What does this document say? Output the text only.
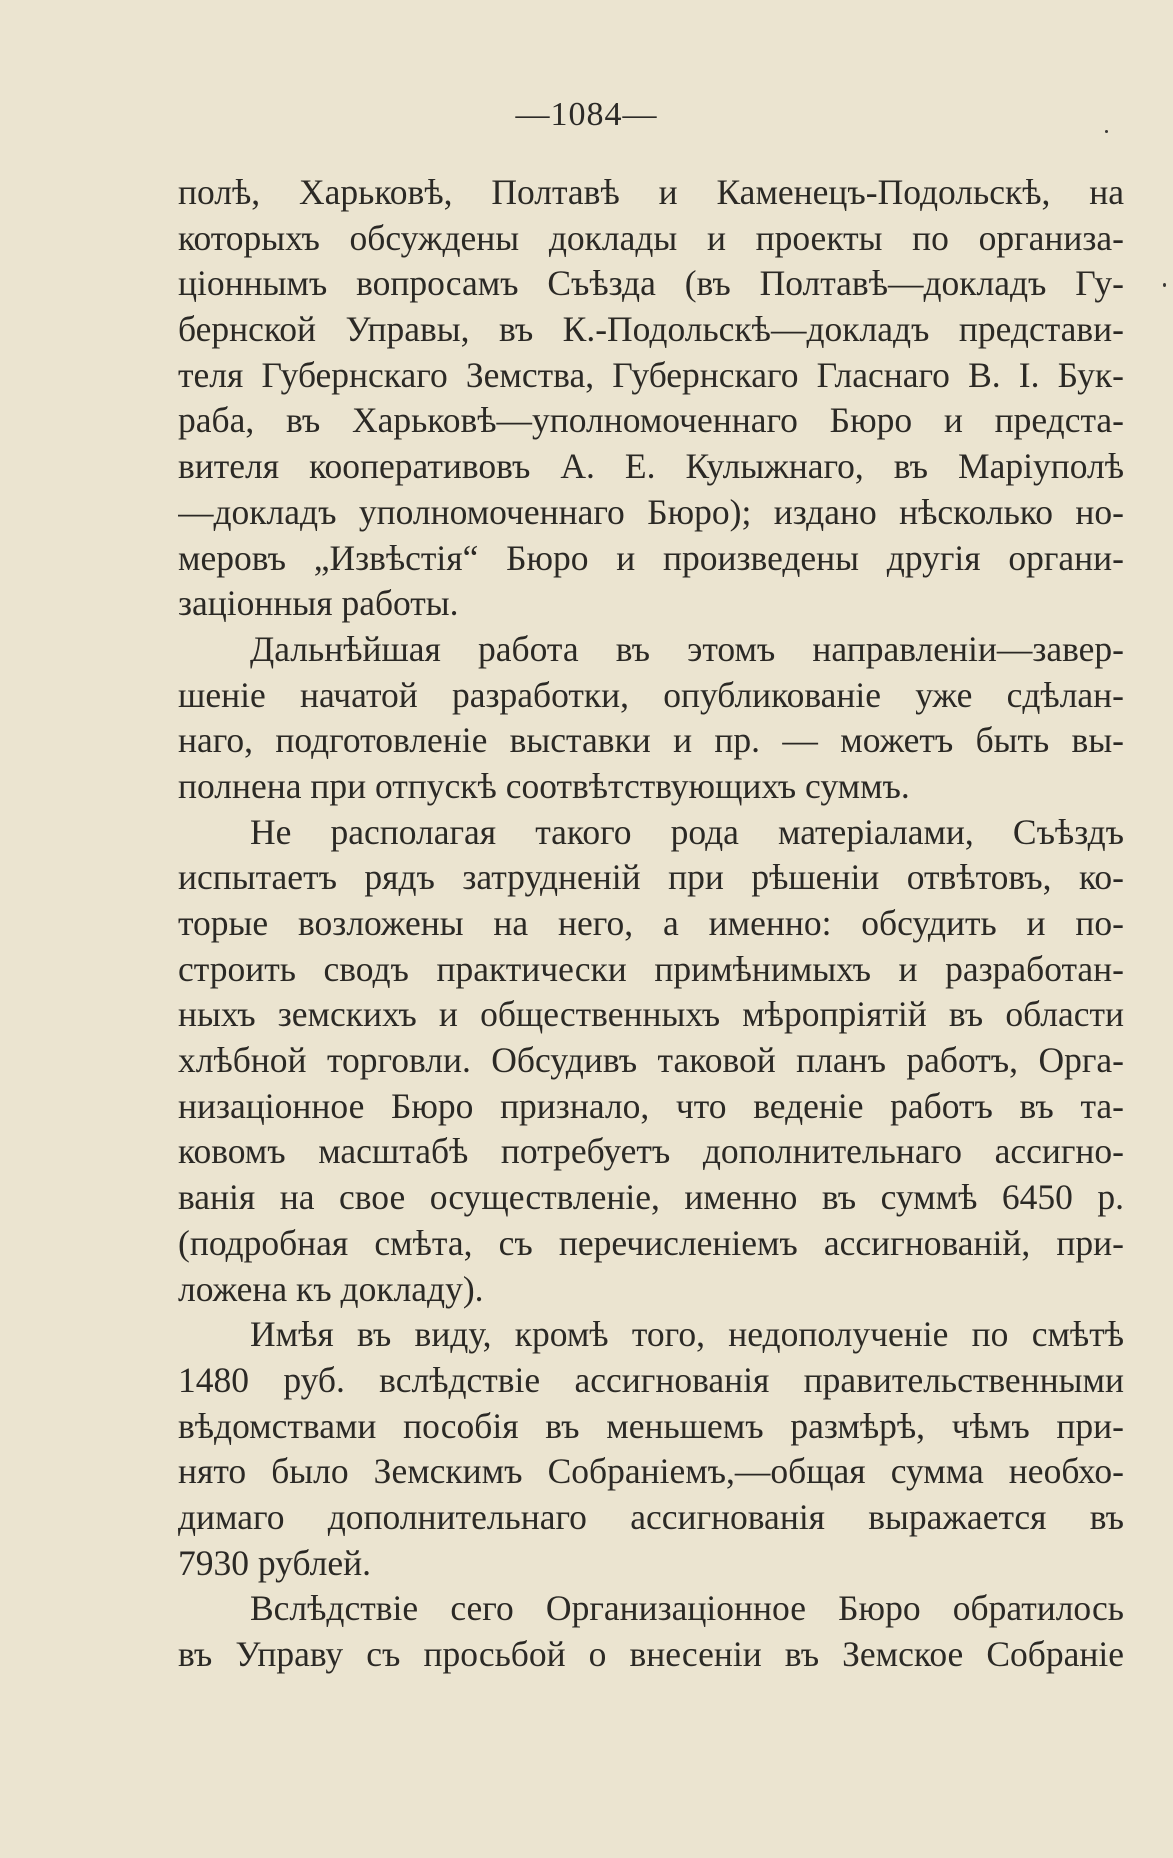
—1084—
полѣ, Харьковѣ, Полтавѣ и Каменецъ-Подольскѣ, на
которыхъ обсуждены доклады и проекты по организа-
ціоннымъ вопросамъ Съѣзда (въ Полтавѣ—докладъ Гу-
бернской Управы, въ К.-Подольскѣ—докладъ представи-
теля Губернскаго Земства, Губернскаго Гласнаго В. I. Бук-
раба, въ Харьковѣ—уполномоченнаго Бюро и предста-
вителя кооперативовъ А. Е. Кулыжнаго, въ Маріуполѣ
—докладъ уполномоченнаго Бюро); издано нѣсколько но-
меровъ „Извѣстія“ Бюро и произведены другія органи-
заціонныя работы.
Дальнѣйшая работа въ этомъ направленіи—завер-
шеніе начатой разработки, опубликованіе уже сдѣлан-
наго, подготовленіе выставки и пр. — можетъ быть вы-
полнена при отпускѣ соотвѣтствующихъ суммъ.
Не располагая такого рода матеріалами, Съѣздъ
испытаетъ рядъ затрудненій при рѣшеніи отвѣтовъ, ко-
торые возложены на него, а именно: обсудить и по-
строить сводъ практически примѣнимыхъ и разработан-
ныхъ земскихъ и общественныхъ мѣропріятій въ области
хлѣбной торговли. Обсудивъ таковой планъ работъ, Орга-
низаціонное Бюро признало, что веденіе работъ въ та-
ковомъ масштабѣ потребуетъ дополнительнаго ассигно-
ванія на свое осуществленіе, именно въ суммѣ 6450 р.
(подробная смѣта, съ перечисленіемъ ассигнованій, при-
ложена къ докладу).
Имѣя въ виду, кромѣ того, недополученіе по смѣтѣ
1480 руб. вслѣдствіе ассигнованія правительственными
вѣдомствами пособія въ меньшемъ размѣрѣ, чѣмъ при-
нято было Земскимъ Собраніемъ,—общая сумма необхо-
димаго дополнительнаго ассигнованія выражается въ
7930 рублей.
Вслѣдствіе сего Организаціонное Бюро обратилось
въ Управу съ просьбой о внесеніи въ Земское Собраніе
